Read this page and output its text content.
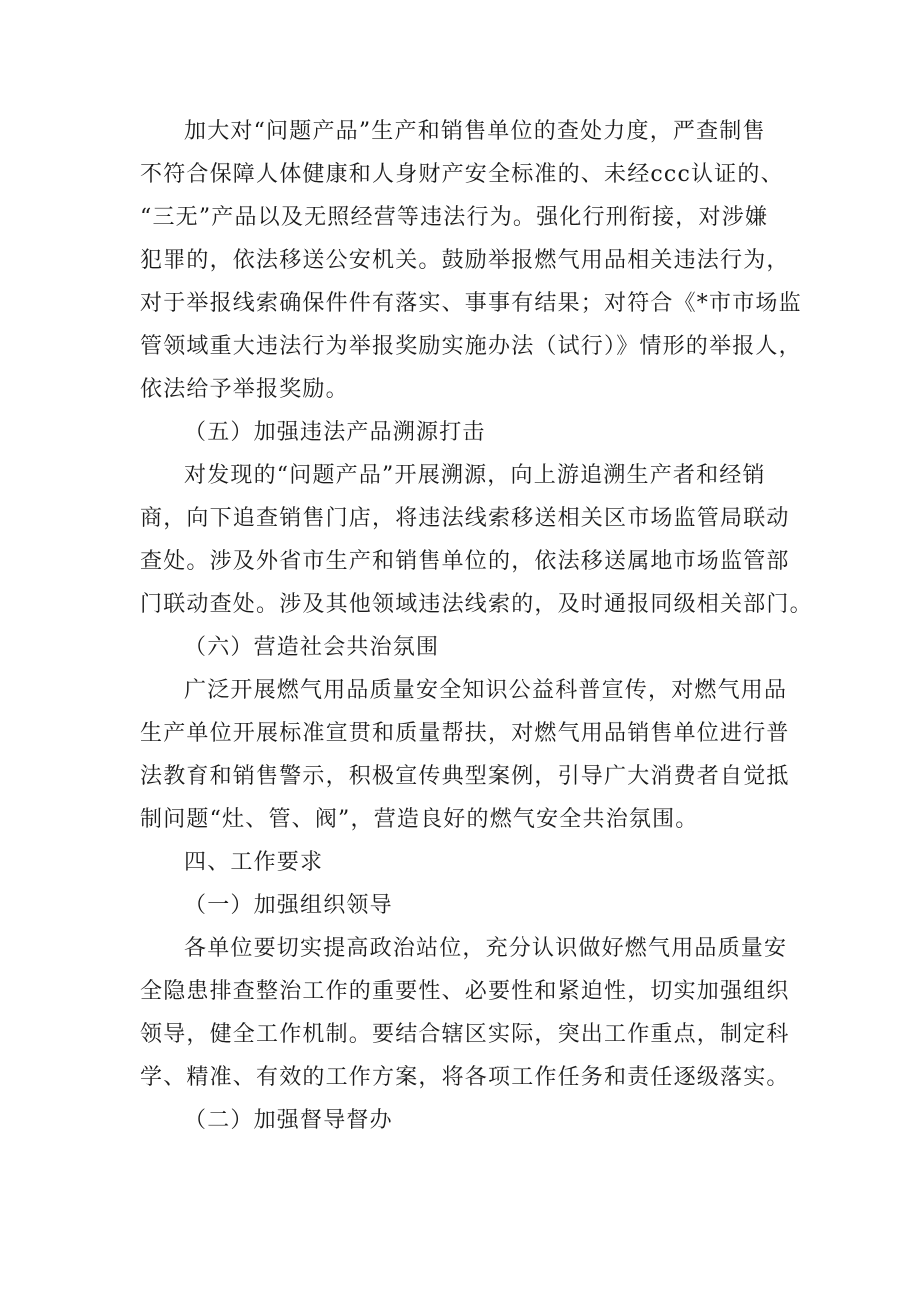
加大对“问题产品”生产和销售单位的查处力度，严查制售
不符合保障人体健康和人身财产安全标准的、未经ccc认证的、
“三无”产品以及无照经营等违法行为。强化行刑衔接，对涉嫌
犯罪的，依法移送公安机关。鼓励举报燃气用品相关违法行为，
对于举报线索确保件件有落实、事事有结果；对符合《*市市场监
管领域重大违法行为举报奖励实施办法（试行）》情形的举报人，
依法给予举报奖励。
（五）加强违法产品溯源打击
对发现的“问题产品”开展溯源，向上游追溯生产者和经销
商，向下追查销售门店，将违法线索移送相关区市场监管局联动
查处。涉及外省市生产和销售单位的，依法移送属地市场监管部
门联动查处。涉及其他领域违法线索的，及时通报同级相关部门。
（六）营造社会共治氛围
广泛开展燃气用品质量安全知识公益科普宣传，对燃气用品
生产单位开展标准宣贯和质量帮扶，对燃气用品销售单位进行普
法教育和销售警示，积极宣传典型案例，引导广大消费者自觉抵
制问题“灶、管、阀”，营造良好的燃气安全共治氛围。
四、工作要求
（一）加强组织领导
各单位要切实提高政治站位，充分认识做好燃气用品质量安
全隐患排查整治工作的重要性、必要性和紧迫性，切实加强组织
领导，健全工作机制。要结合辖区实际，突出工作重点，制定科
学、精准、有效的工作方案，将各项工作任务和责任逐级落实。
（二）加强督导督办
